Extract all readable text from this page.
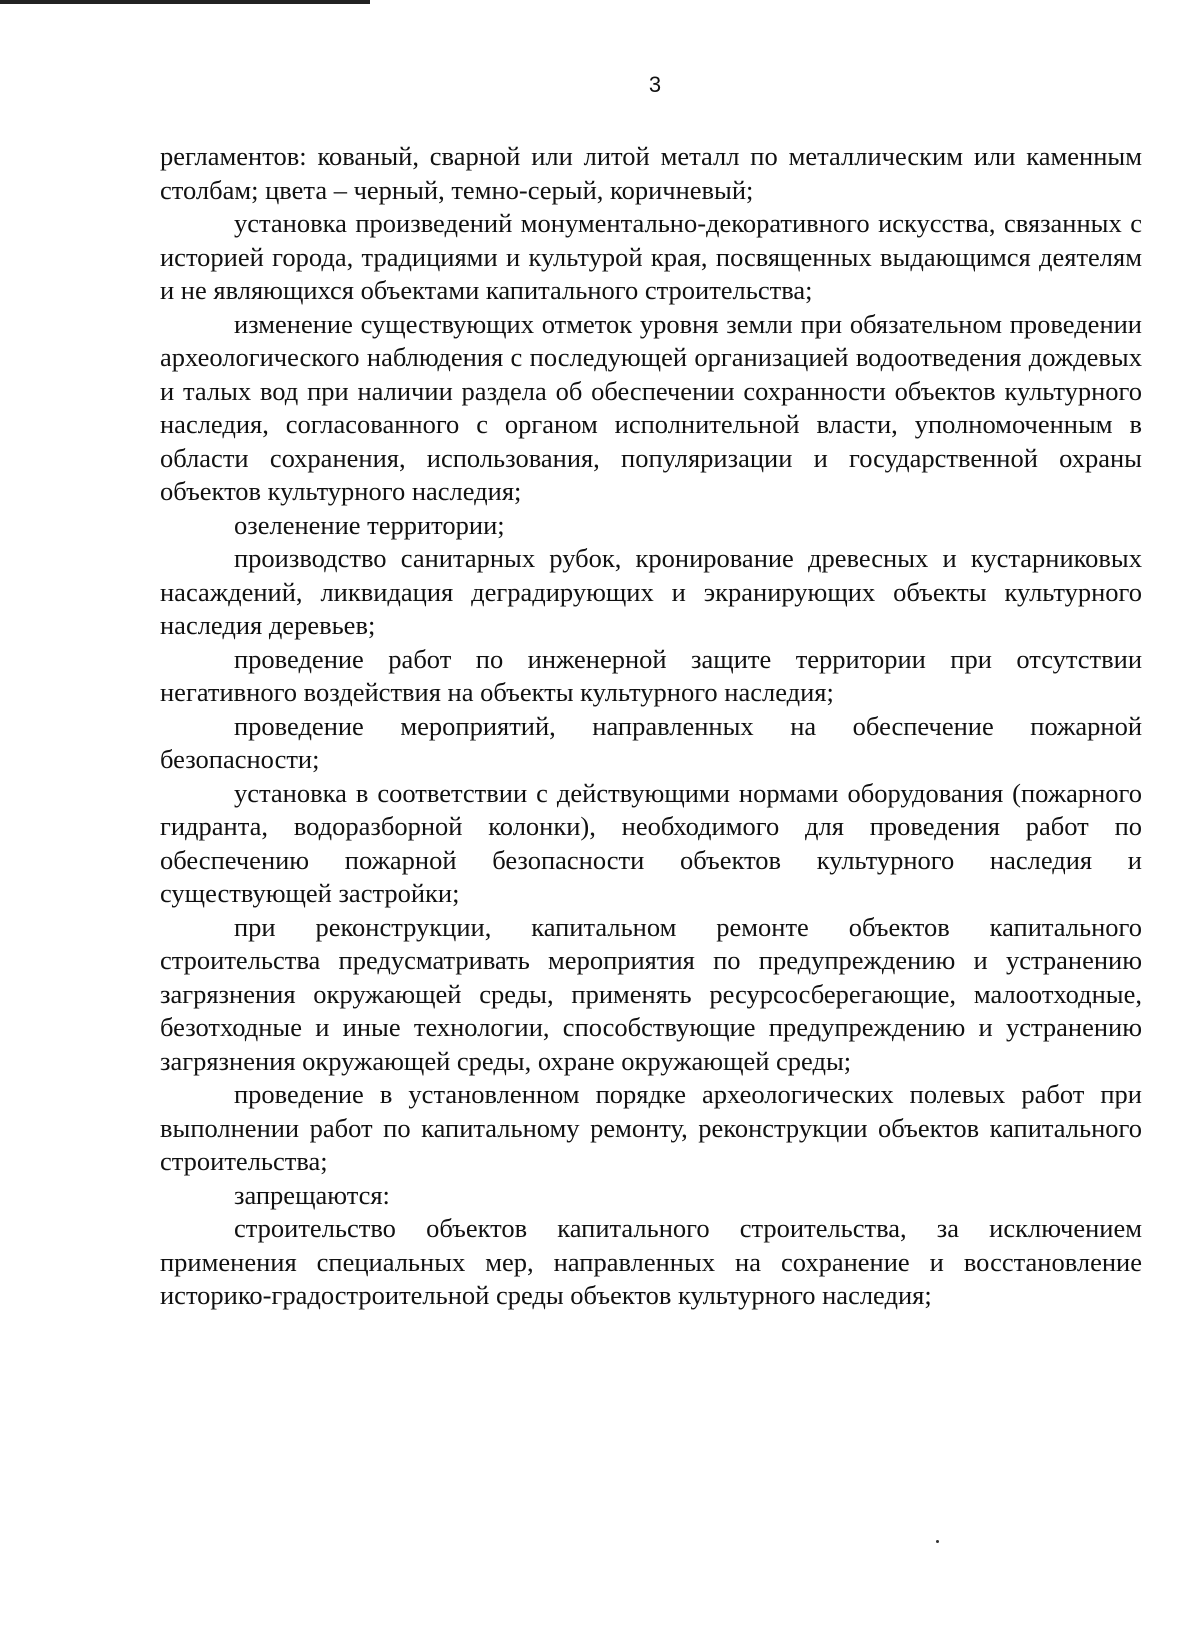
3

регламентов: кованый, сварной или литой металл по металлическим или каменным столбам; цвета – черный, темно-серый, коричневый;

установка произведений монументально-декоративного искусства, связанных с историей города, традициями и культурой края, посвященных выдающимся деятелям и не являющихся объектами капитального строительства;

изменение существующих отметок уровня земли при обязательном проведении археологического наблюдения с последующей организацией водоотведения дождевых и талых вод при наличии раздела об обеспечении сохранности объектов культурного наследия, согласованного с органом исполнительной власти, уполномоченным в области сохранения, использования, популяризации и государственной охраны объектов культурного наследия;

озеленение территории;

производство санитарных рубок, кронирование древесных и кустарниковых насаждений, ликвидация деградирующих и экранирующих объекты культурного наследия деревьев;

проведение работ по инженерной защите территории при отсутствии негативного воздействия на объекты культурного наследия;

проведение мероприятий, направленных на обеспечение пожарной безопасности;

установка в соответствии с действующими нормами оборудования (пожарного гидранта, водоразборной колонки), необходимого для проведения работ по обеспечению пожарной безопасности объектов культурного наследия и существующей застройки;

при реконструкции, капитальном ремонте объектов капитального строительства предусматривать мероприятия по предупреждению и устранению загрязнения окружающей среды, применять ресурсосберегающие, малоотходные, безотходные и иные технологии, способствующие предупреждению и устранению загрязнения окружающей среды, охране окружающей среды;

проведение в установленном порядке археологических полевых работ при выполнении работ по капитальному ремонту, реконструкции объектов капитального строительства;

запрещаются:

строительство объектов капитального строительства, за исключением применения специальных мер, направленных на сохранение и восстановление историко-градостроительной среды объектов культурного наследия;
